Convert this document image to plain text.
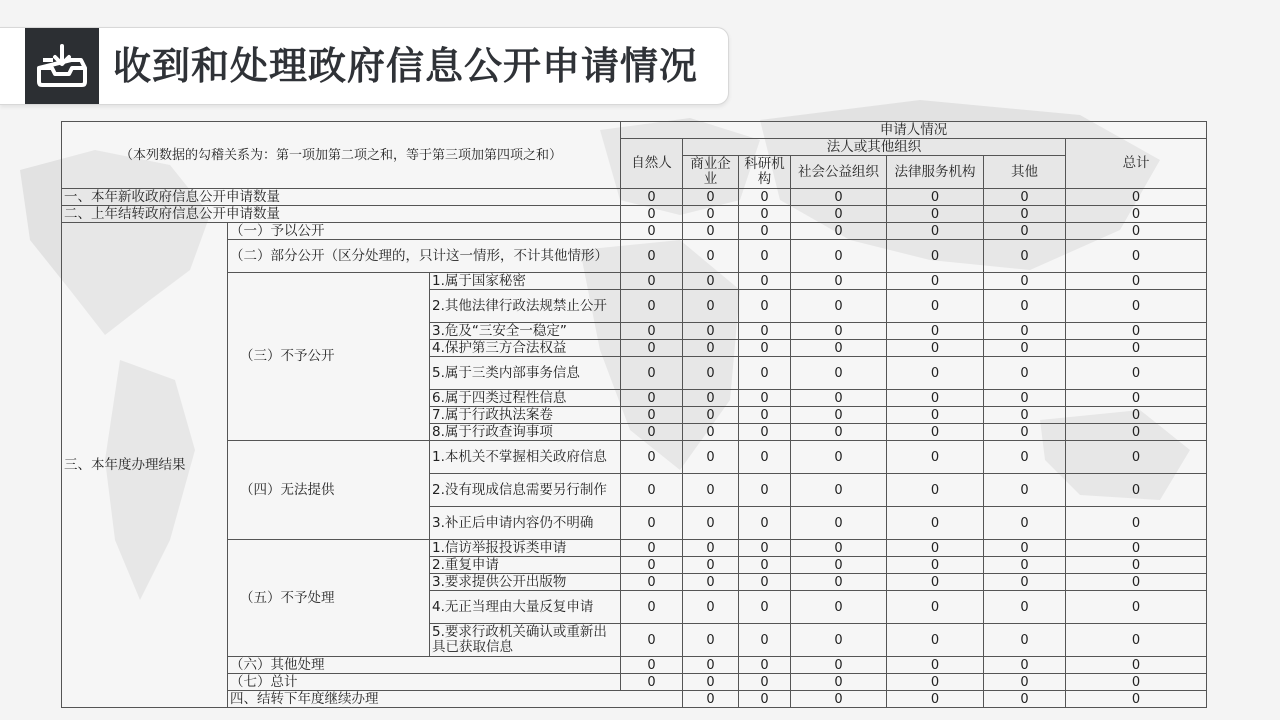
收到和处理政府信息公开申请情况
（本列数据的勾稽关系为：第一项加第二项之和，等于第三项加第四项之和）			申请人情况							
			自然人	法人或其他组织					总计	
				商业企业	科研机构	社会公益组织	法律服务机构	其他		
一、本年新收政府信息公开申请数量			0	0	0	0	0	0	0	
二、上年结转政府信息公开申请数量			0	0	0	0	0	0	0	
三、本年度办理结果	（一）予以公开		0	0	0	0	0	0	0	
	（二）部分公开（区分处理的，只计这一情形，不计其他情形）		0	0	0	0	0	0	0	
	（三）不予公开	1.属于国家秘密	0	0	0	0	0	0	0	
		2.其他法律行政法规禁止公开	0	0	0	0	0	0	0	
		3.危及“三安全一稳定”	0	0	0	0	0	0	0	
		4.保护第三方合法权益	0	0	0	0	0	0	0	
		5.属于三类内部事务信息	0	0	0	0	0	0	0	
		6.属于四类过程性信息	0	0	0	0	0	0	0	
		7.属于行政执法案卷	0	0	0	0	0	0	0	
		8.属于行政查询事项	0	0	0	0	0	0	0	
	（四）无法提供	1.本机关不掌握相关政府信息	0	0	0	0	0	0	0	
		2.没有现成信息需要另行制作	0	0	0	0	0	0	0	
		3.补正后申请内容仍不明确	0	0	0	0	0	0	0	
	（五）不予处理	1.信访举报投诉类申请	0	0	0	0	0	0	0	
		2.重复申请	0	0	0	0	0	0	0	
		3.要求提供公开出版物	0	0	0	0	0	0	0	
		4.无正当理由大量反复申请	0	0	0	0	0	0	0	
		5.要求行政机关确认或重新出具已获取信息	0	0	0	0	0	0	0	
	（六）其他处理		0	0	0	0	0	0	0	
	（七）总计		0	0	0	0	0	0	0	
	四、结转下年度继续办理			0	0	0	0	0	0	
